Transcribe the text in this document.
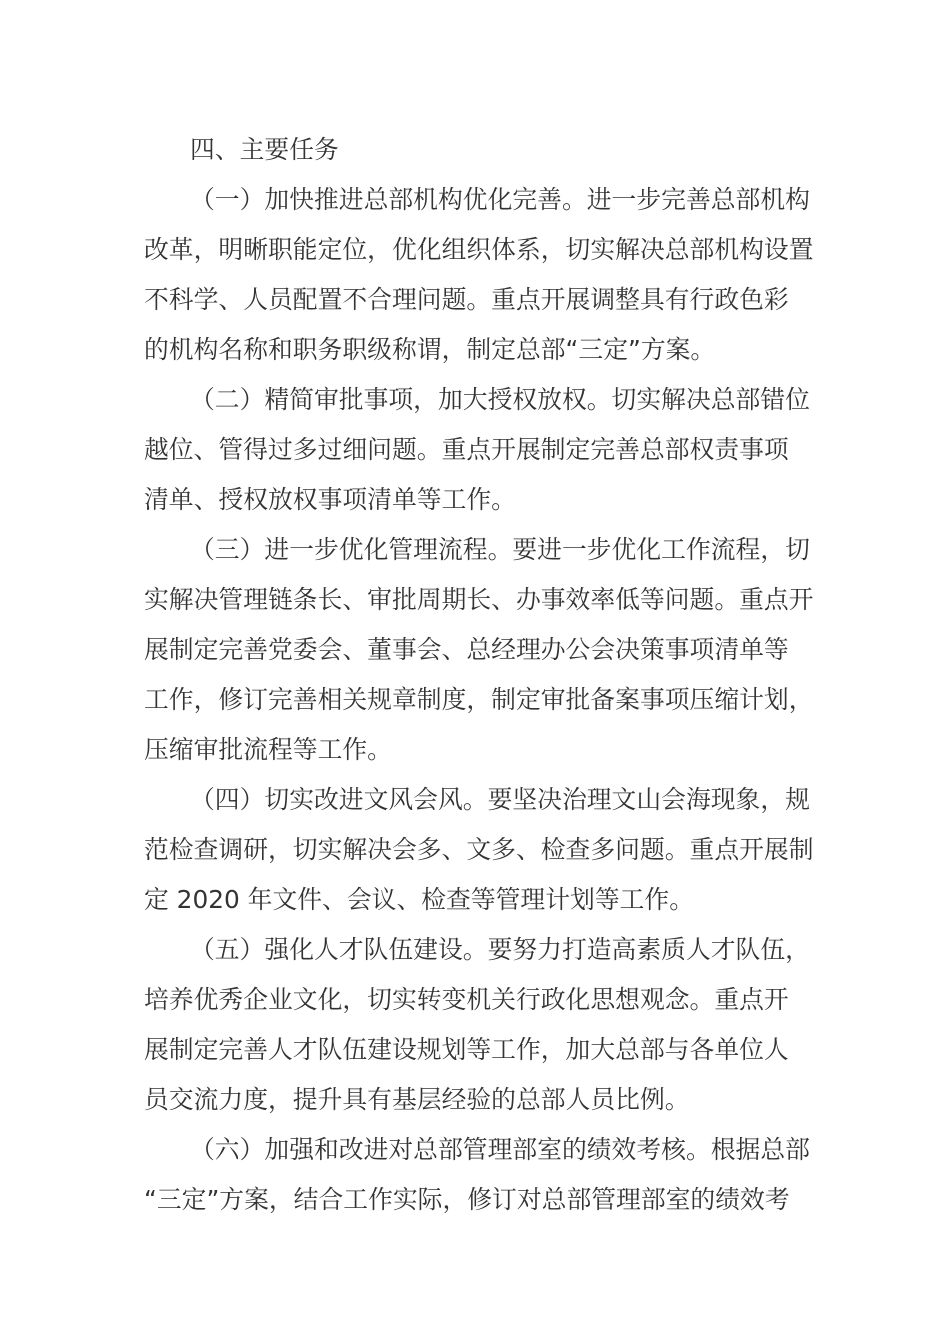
四、主要任务

（一）加快推进总部机构优化完善。进一步完善总部机构

改革，明晰职能定位，优化组织体系，切实解决总部机构设置

不科学、人员配置不合理问题。重点开展调整具有行政色彩

的机构名称和职务职级称谓，制定总部“三定”方案。

（二）精简审批事项，加大授权放权。切实解决总部错位

越位、管得过多过细问题。重点开展制定完善总部权责事项

清单、授权放权事项清单等工作。

（三）进一步优化管理流程。要进一步优化工作流程，切

实解决管理链条长、审批周期长、办事效率低等问题。重点开

展制定完善党委会、董事会、总经理办公会决策事项清单等

工作，修订完善相关规章制度，制定审批备案事项压缩计划，

压缩审批流程等工作。

（四）切实改进文风会风。要坚决治理文山会海现象，规

范检查调研，切实解决会多、文多、检查多问题。重点开展制

定 2020 年文件、会议、检查等管理计划等工作。

（五）强化人才队伍建设。要努力打造高素质人才队伍，

培养优秀企业文化，切实转变机关行政化思想观念。重点开

展制定完善人才队伍建设规划等工作，加大总部与各单位人

员交流力度，提升具有基层经验的总部人员比例。

（六）加强和改进对总部管理部室的绩效考核。根据总部

“三定”方案，结合工作实际，修订对总部管理部室的绩效考
